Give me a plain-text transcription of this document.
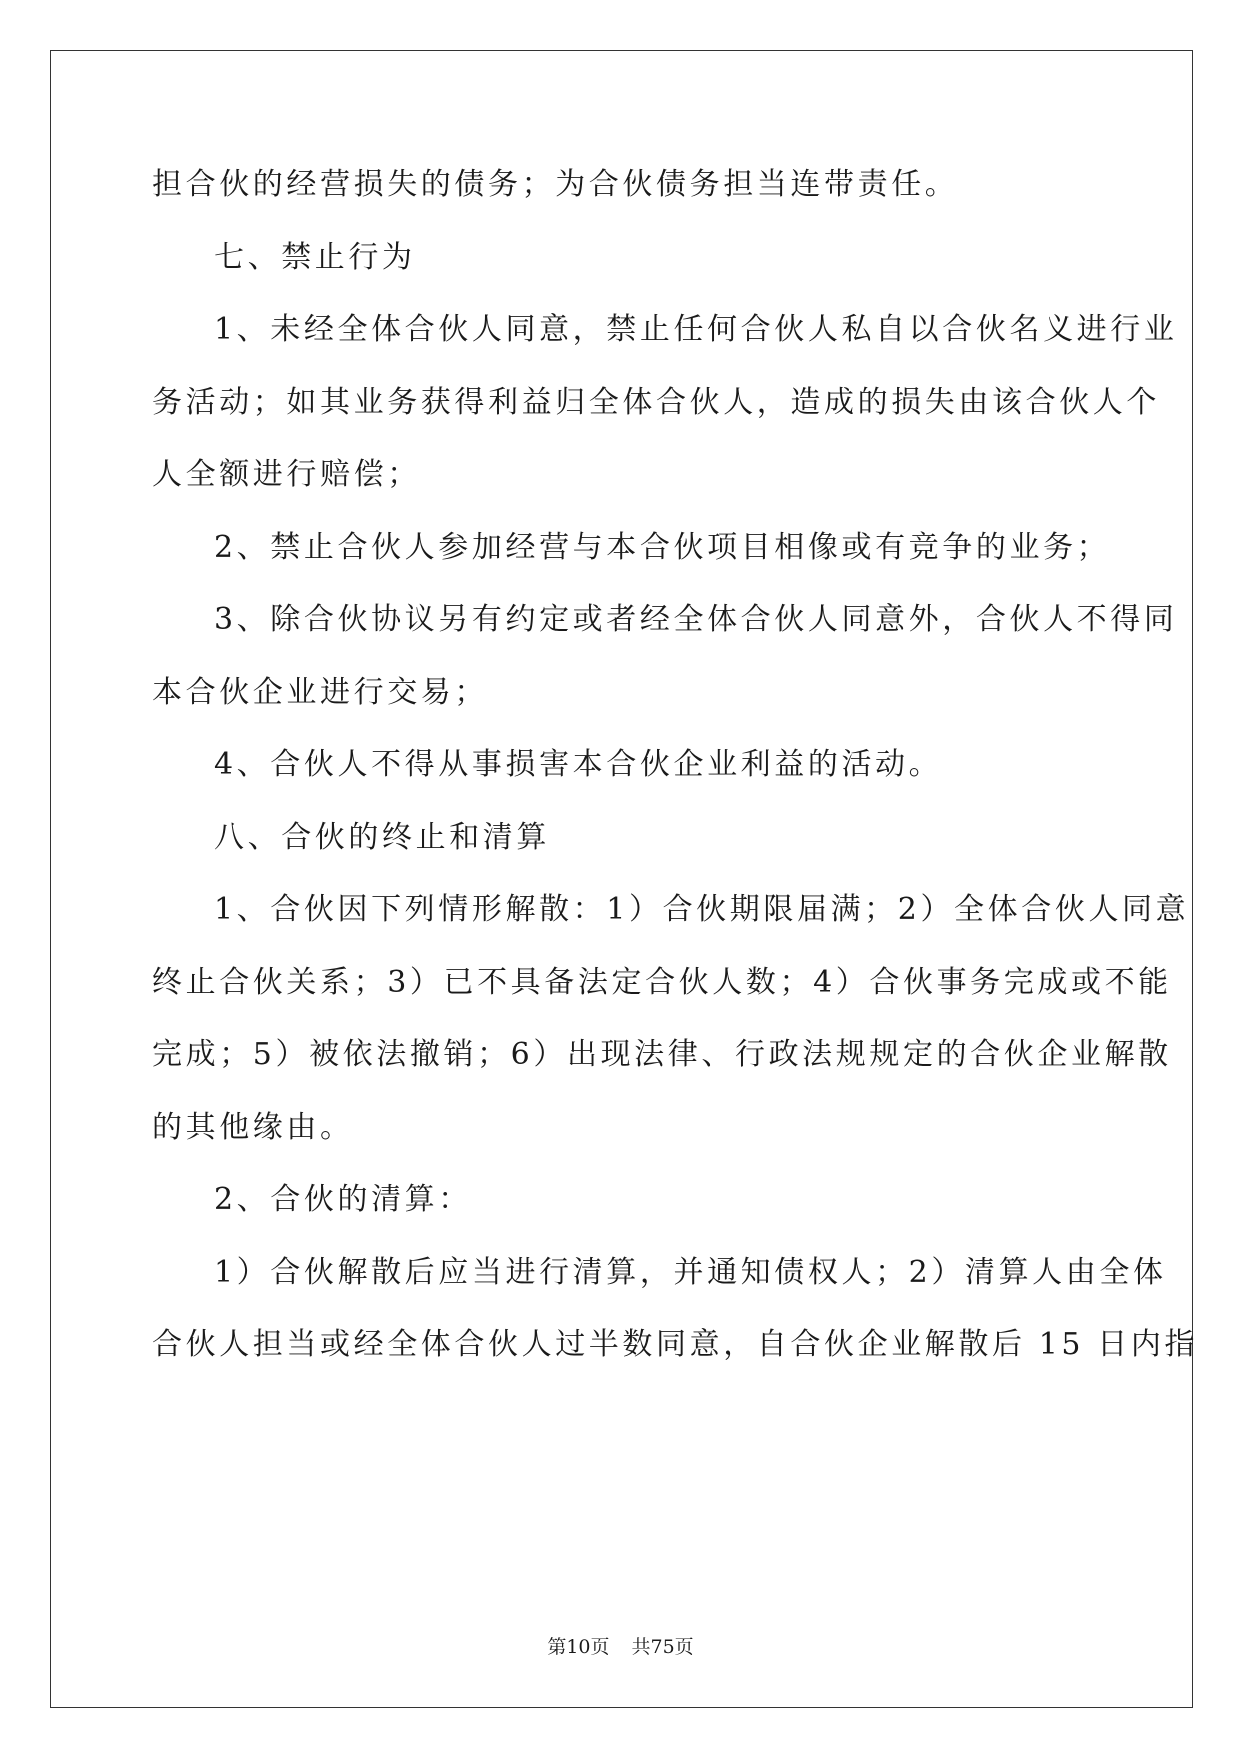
担合伙的经营损失的债务；为合伙债务担当连带责任。
七、禁止行为
1、未经全体合伙人同意，禁止任何合伙人私自以合伙名义进行业
务活动；如其业务获得利益归全体合伙人，造成的损失由该合伙人个
人全额进行赔偿；
2、禁止合伙人参加经营与本合伙项目相像或有竞争的业务；
3、除合伙协议另有约定或者经全体合伙人同意外，合伙人不得同
本合伙企业进行交易；
4、合伙人不得从事损害本合伙企业利益的活动。
八、合伙的终止和清算
1、合伙因下列情形解散：1）合伙期限届满；2）全体合伙人同意
终止合伙关系；3）已不具备法定合伙人数；4）合伙事务完成或不能
完成；5）被依法撤销；6）出现法律、行政法规规定的合伙企业解散
的其他缘由。
2、合伙的清算：
1）合伙解散后应当进行清算，并通知债权人；2）清算人由全体
合伙人担当或经全体合伙人过半数同意，自合伙企业解散后 15 日内指
第10页 共75页
